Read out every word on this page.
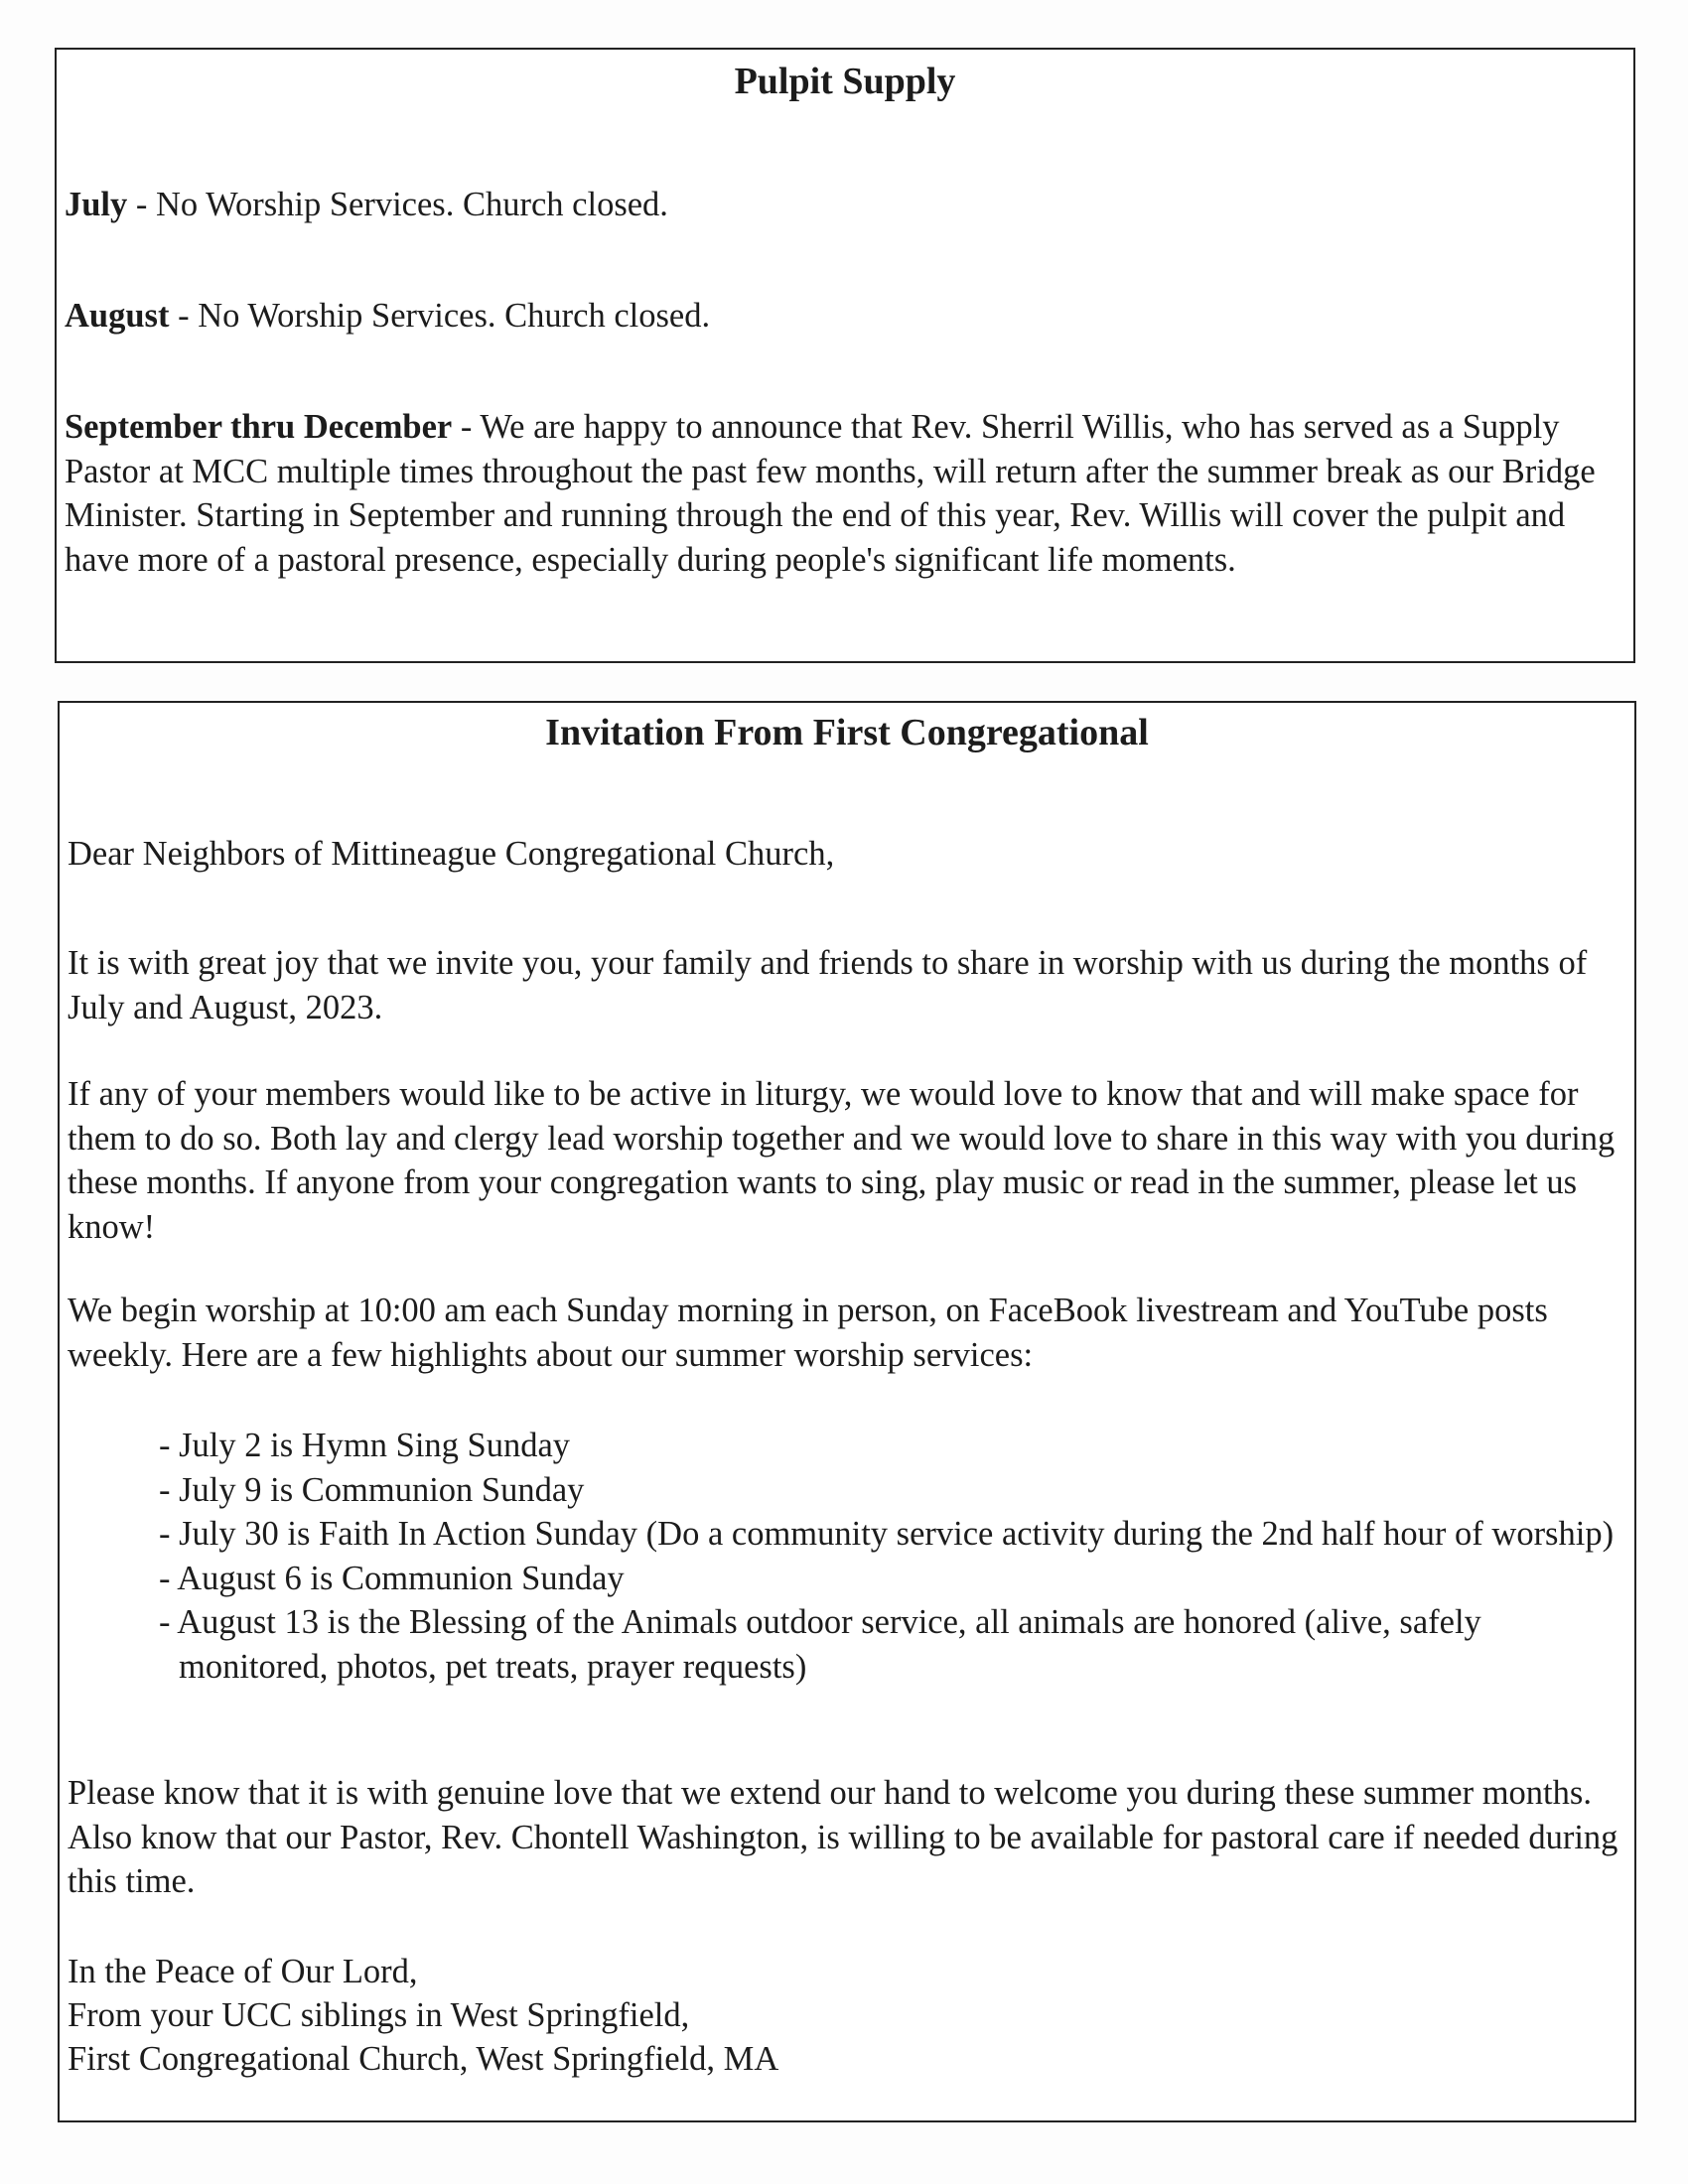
Pulpit Supply

July - No Worship Services. Church closed.

August - No Worship Services. Church closed.

September thru December - We are happy to announce that Rev. Sherril Willis, who has served as a Supply Pastor at MCC multiple times throughout the past few months, will return after the summer break as our Bridge Minister. Starting in September and running through the end of this year, Rev. Willis will cover the pulpit and have more of a pastoral presence, especially during people's significant life moments.

Invitation From First Congregational

Dear Neighbors of Mittineague Congregational Church,

It is with great joy that we invite you, your family and friends to share in worship with us during the months of July and August, 2023.

If any of your members would like to be active in liturgy, we would love to know that and will make space for them to do so. Both lay and clergy lead worship together and we would love to share in this way with you during these months. If anyone from your congregation wants to sing, play music or read in the summer, please let us know!

We begin worship at 10:00 am each Sunday morning in person, on FaceBook livestream and YouTube posts weekly. Here are a few highlights about our summer worship services:

- July 2 is Hymn Sing Sunday
- July 9 is Communion Sunday
- July 30 is Faith In Action Sunday (Do a community service activity during the 2nd half hour of worship)
- August 6 is Communion Sunday
- August 13 is the Blessing of the Animals outdoor service, all animals are honored (alive, safely monitored, photos, pet treats, prayer requests)

Please know that it is with genuine love that we extend our hand to welcome you during these summer months. Also know that our Pastor, Rev. Chontell Washington, is willing to be available for pastoral care if needed during this time.

In the Peace of Our Lord,

From your UCC siblings in West Springfield,

First Congregational Church, West Springfield, MA
